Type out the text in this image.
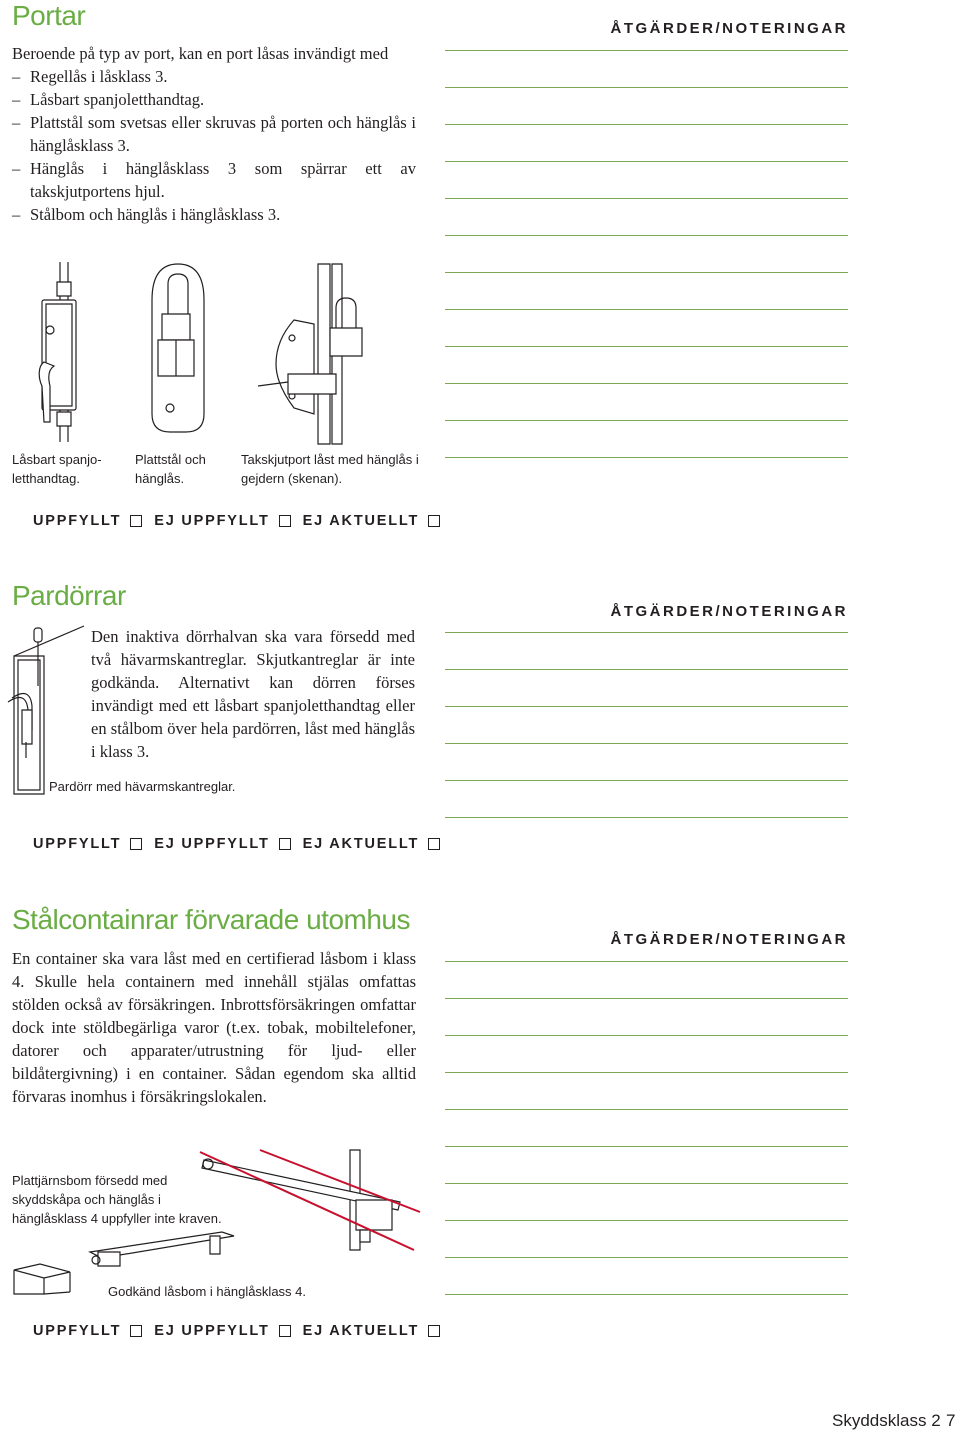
Portar

Beroende på typ av port, kan en port låsas invändigt med

– Regellås i låsklass 3.
– Låsbart spanjoletthandtag.
– Plattstål som svetsas eller skruvas på porten och hänglås i hänglåsklass 3.
– Hänglås i hänglåsklass 3 som spärrar ett av takskjutportens hjul.
– Stålbom och hänglås i hänglåsklass 3.
Låsbart spanjo-letthandtag.
Plattstål och hänglås.
Takskjutport låst med hänglås i gejdern (skenan).
ÅTGÄRDER/NOTERINGAR
UPPFYLLT EJ UPPFYLLT EJ AKTUELLT
Pardörrar
Den inaktiva dörrhalvan ska vara försedd med två hävarmskantreglar. Skjutkantreglar är inte godkända. Alternativt kan dörren förses invändigt med ett låsbart spanjoletthandtag eller en stålbom över hela pardörren, låst med hänglås i klass 3.
Pardörr med hävarmskantreglar.
ÅTGÄRDER/NOTERINGAR
UPPFYLLT EJ UPPFYLLT EJ AKTUELLT
Stålcontainrar förvarade utomhus
En container ska vara låst med en certifierad låsbom i klass 4. Skulle hela containern med innehåll stjälas omfattas stölden också av försäkringen. Inbrottsförsäkringen omfattar dock inte stöldbegärliga varor (t.ex. tobak, mobiltelefoner, datorer och apparater/utrustning för ljud- eller bildåtergivning) i en container. Sådan egendom ska alltid förvaras inomhus i försäkringslokalen.
ÅTGÄRDER/NOTERINGAR
Plattjärnsbom försedd med skyddskåpa och hänglås i hänglåsklass 4 uppfyller inte kraven.
Godkänd låsbom i hänglåsklass 4.
UPPFYLLT EJ UPPFYLLT EJ AKTUELLT
Skyddsklass 2 7
